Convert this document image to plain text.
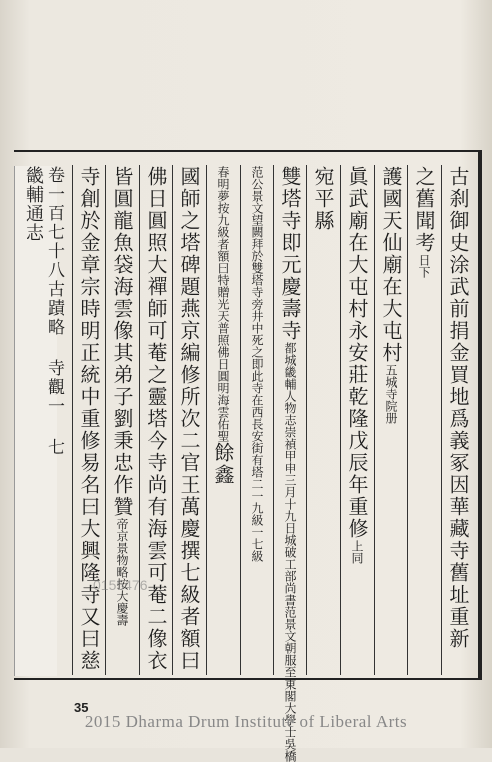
畿輔通志 卷一百七十八古蹟略 寺觀一 七	古刹御史涂武前捐金買地爲義冢因華藏寺舊址重新
之舊聞考日下
護國天仙廟在大屯村五城寺院册
眞武廟在大屯村永安莊乾隆戊辰年重修上同
宛平縣
雙塔寺即元慶壽寺都城畿輔人物志崇禎甲申三月十九日城破工部尚書范景文朝服至東閣大學士吳橋
范公景文望闕拜於雙塔寺旁井中死之即此寺在西長安街有塔二一九級一七級
春明夢按九級者額曰特贈光天普照佛日圓明海雲佑聖餘鑫
國師之塔碑題燕京編修所次二官王萬慶撰七級者額曰
佛日圓照大禪師可菴之靈塔今寺尚有海雲可菴二像衣
皆圓龍魚袋海雲像其弟子劉秉忠作贊帝京景物略按大慶壽
寺創於金章宗時明正統中重修易名曰大興隆寺又曰慈
0155476
35
2015 Dharma Drum Institute of Liberal Arts
